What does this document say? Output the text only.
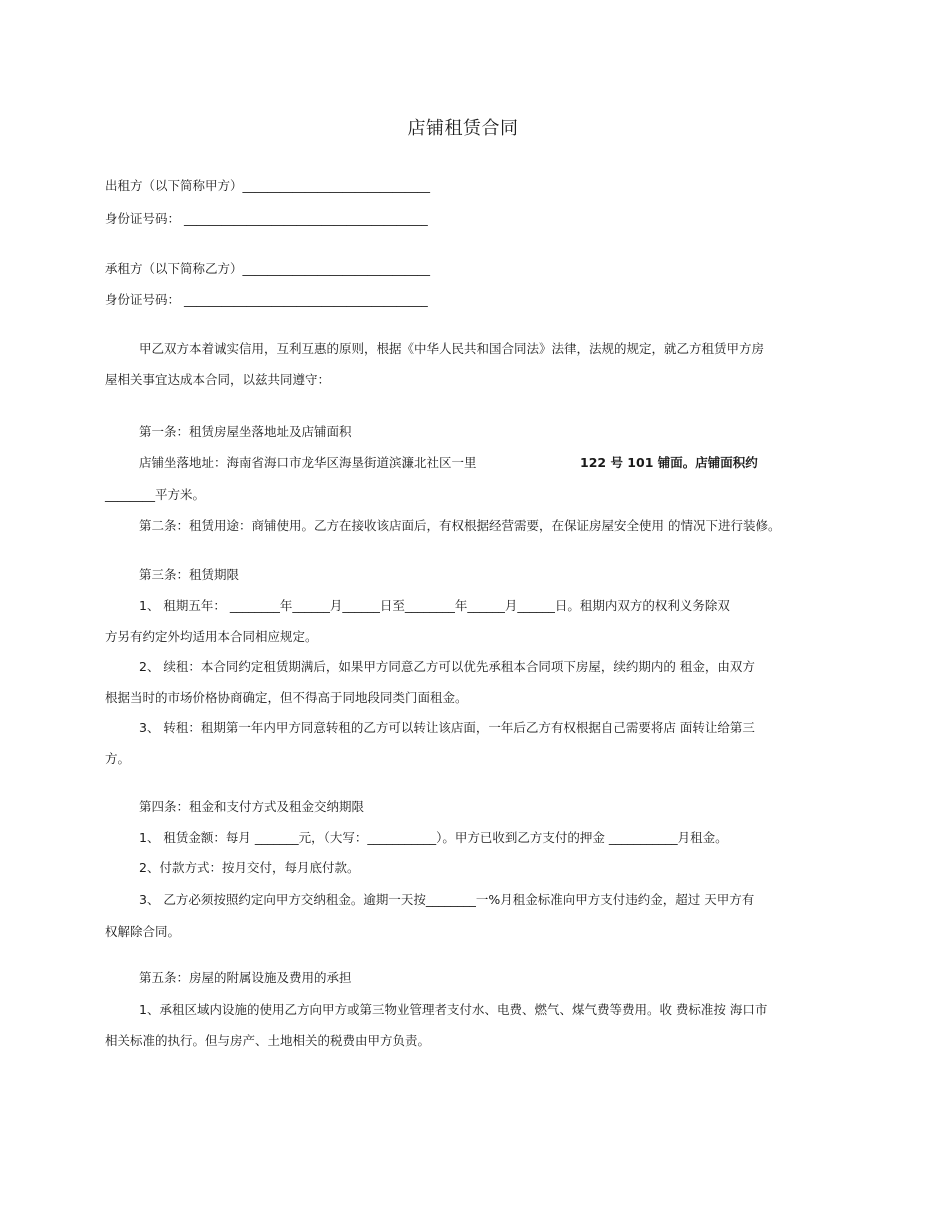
店铺租赁合同
出租方（以下简称甲方）______________________________
身份证号码： _______________________________________
承租方（以下简称乙方）______________________________
身份证号码： _______________________________________
甲乙双方本着诚实信用，互利互惠的原则，根据《中华人民共和国合同法》法律，法规的规定，就乙方租赁甲方房
屋相关事宜达成本合同，以兹共同遵守：
第一条：租赁房屋坐落地址及店铺面积
店铺坐落地址：海南省海口市龙华区海垦街道滨濂北社区一里	122 号 101 铺面。店铺面积约
________平方米。
第二条：租赁用途：商铺使用。乙方在接收该店面后，有权根据经营需要，在保证房屋安全使用 的情况下进行装修。
第三条：租赁期限
1、 租期五年： ________年______月______日至________年______月______日。租期内双方的权利义务除双
方另有约定外均适用本合同相应规定。
2、 续租：本合同约定租赁期满后，如果甲方同意乙方可以优先承租本合同项下房屋，续约期内的 租金，由双方
根据当时的市场价格协商确定，但不得高于同地段同类门面租金。
3、 转租：租期第一年内甲方同意转租的乙方可以转让该店面，一年后乙方有权根据自己需要将店 面转让给第三
方。
第四条：租金和支付方式及租金交纳期限
1、 租赁金额：每月 _______元，（大写：___________）。甲方已收到乙方支付的押金 ___________月租金。
2、付款方式：按月交付，每月底付款。
3、 乙方必须按照约定向甲方交纳租金。逾期一天按________一%月租金标准向甲方支付违约金，超过 天甲方有
权解除合同。
第五条：房屋的附属设施及费用的承担
1、承租区域内设施的使用乙方向甲方或第三物业管理者支付水、电费、燃气、煤气费等费用。收 费标准按 海口市
相关标准的执行。但与房产、土地相关的税费由甲方负责。
